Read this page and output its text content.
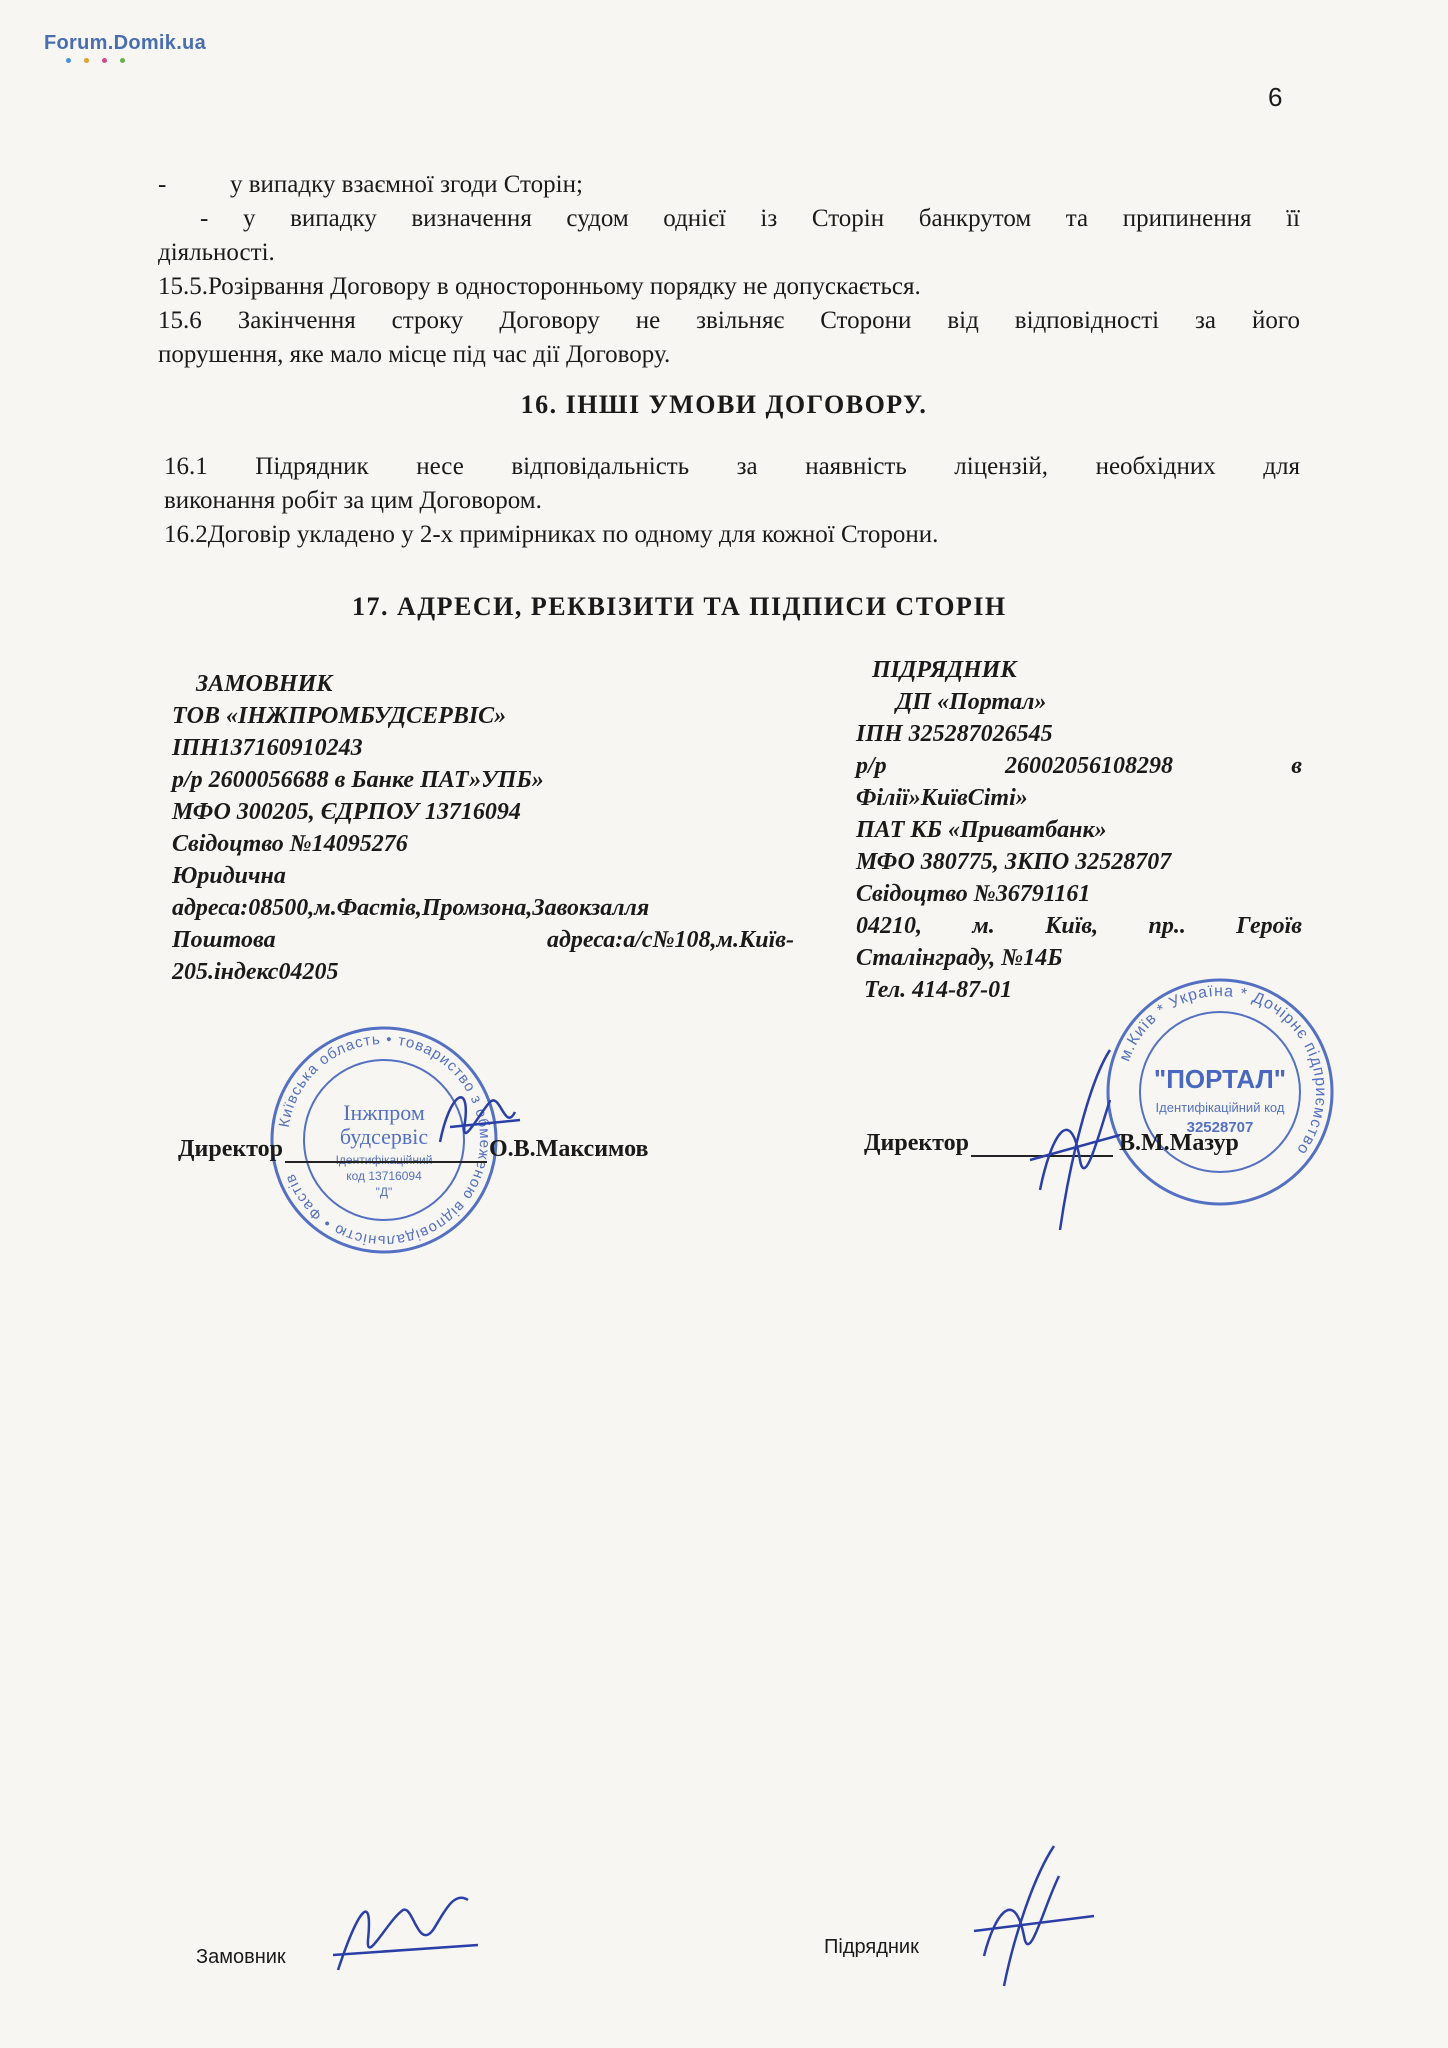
Forum.Domik.ua
6
-	у випадку взаємної згоди Сторін;
- у випадку визначення судом однієї із Сторін банкрутом та припинення її
діяльності.
15.5.Розірвання Договору в односторонньому порядку не допускається.
15.6 Закінчення строку Договору не звільняє Сторони від відповідності за його
порушення, яке мало місце під час дії Договору.
16. ІНШІ УМОВИ ДОГОВОРУ.
16.1 Підрядник несе відповідальність за наявність ліцензій, необхідних для
виконання робіт за цим Договором.
16.2Договір укладено у 2-х примірниках по одному для кожної Сторони.
17. АДРЕСИ, РЕКВІЗИТИ ТА ПІДПИСИ СТОРІН
ЗАМОВНИК
ТОВ «ІНЖПРОМБУДСЕРВІС»
ІПН137160910243
р/р 2600056688 в Банке ПАТ»УПБ»
МФО 300205, ЄДРПОУ 13716094
Свідоцтво №14095276
Юридична
адреса:08500,м.Фастів,Промзона,Завокзалля
Поштова	адреса:а/с№108,м.Київ-
205.індекс04205
ПІДРЯДНИК
ДП «Портал»
ІПН 325287026545
р/р	26002056108298	в
Філії»КиївСіті»
ПАТ КБ «Приватбанк»
МФО 380775, ЗКПО 32528707
Свідоцтво №36791161
04210, м. Київ, пр.. Героїв
Сталінграду, №14Б
Тел. 414-87-01
Київська область • товариство з обмеженою відповідальністю • Фастів
Інжпром
будсервіс
Ідентифікаційний
код 13716094
"Д"
Директор	О.В.Максимов
м.Київ * Україна * Дочірнє підприємство
"ПОРТАЛ"
Ідентифікаційний код
32528707
Директор	В.М.Мазур
Замовник	Підрядник
